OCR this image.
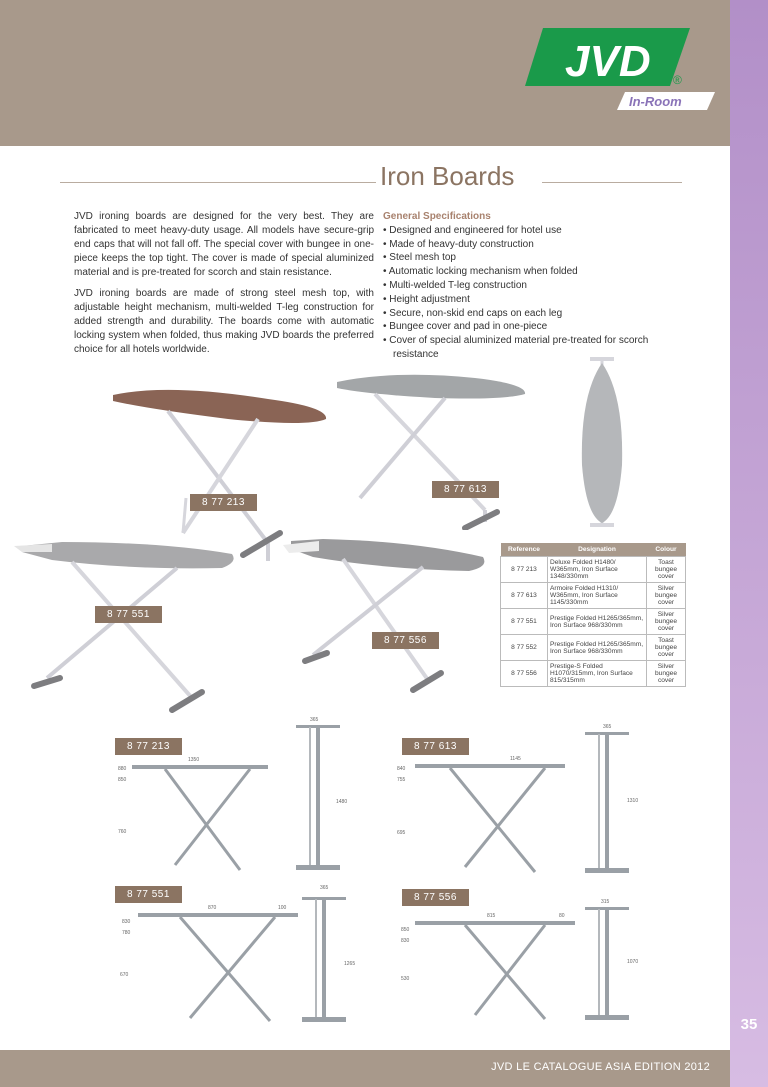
JVD ®
In-Room
Iron Boards

JVD ironing boards are designed for the very best. They are fabricated to meet heavy-duty usage. All models have secure-grip end caps that will not fall off. The special cover with bungee in one-piece keeps the top tight. The cover is made of special aluminized material and is pre-treated for scorch and stain resistance.

JVD ironing boards are made of strong steel mesh top, with adjustable height mechanism, multi-welded T-leg construction for added strength and durability. The boards come with automatic locking system when folded, thus making JVD boards the preferred choice for all hotels worldwide.

General Specifications
• Designed and engineered for hotel use
• Made of heavy-duty construction
• Steel mesh top
• Automatic locking mechanism when folded
• Multi-welded T-leg construction
• Height adjustment
• Secure, non-skid end caps on each leg
• Bungee cover and pad in one-piece
• Cover of special aluminized material pre-treated for scorch resistance
8 77 213
8 77 613
8 77 551
8 77 556
Reference	Designation	Colour
8 77 213	Deluxe Folded H1480/ W365mm, Iron Surface 1348/330mm	Toast bungee cover
8 77 613	Armoire Folded H1310/ W365mm, Iron Surface 1145/330mm	Silver bungee cover
8 77 551	Prestige Folded H1265/365mm, Iron Surface 968/330mm	Silver bungee cover
8 77 552	Prestige Folded H1265/365mm, Iron Surface 968/330mm	Toast bungee cover
8 77 556	Prestige-S Folded H1070/315mm, Iron Surface 815/315mm	Silver bungee cover
8 77 213
1350
880
850
760
365
1480
8 77 613
1145
840
755
695
365
1310
8 77 551
870	100
830
780
670
365
1265
8 77 556
815	80
850
830
530
315
1070
35
JVD LE CATALOGUE ASIA EDITION 2012
